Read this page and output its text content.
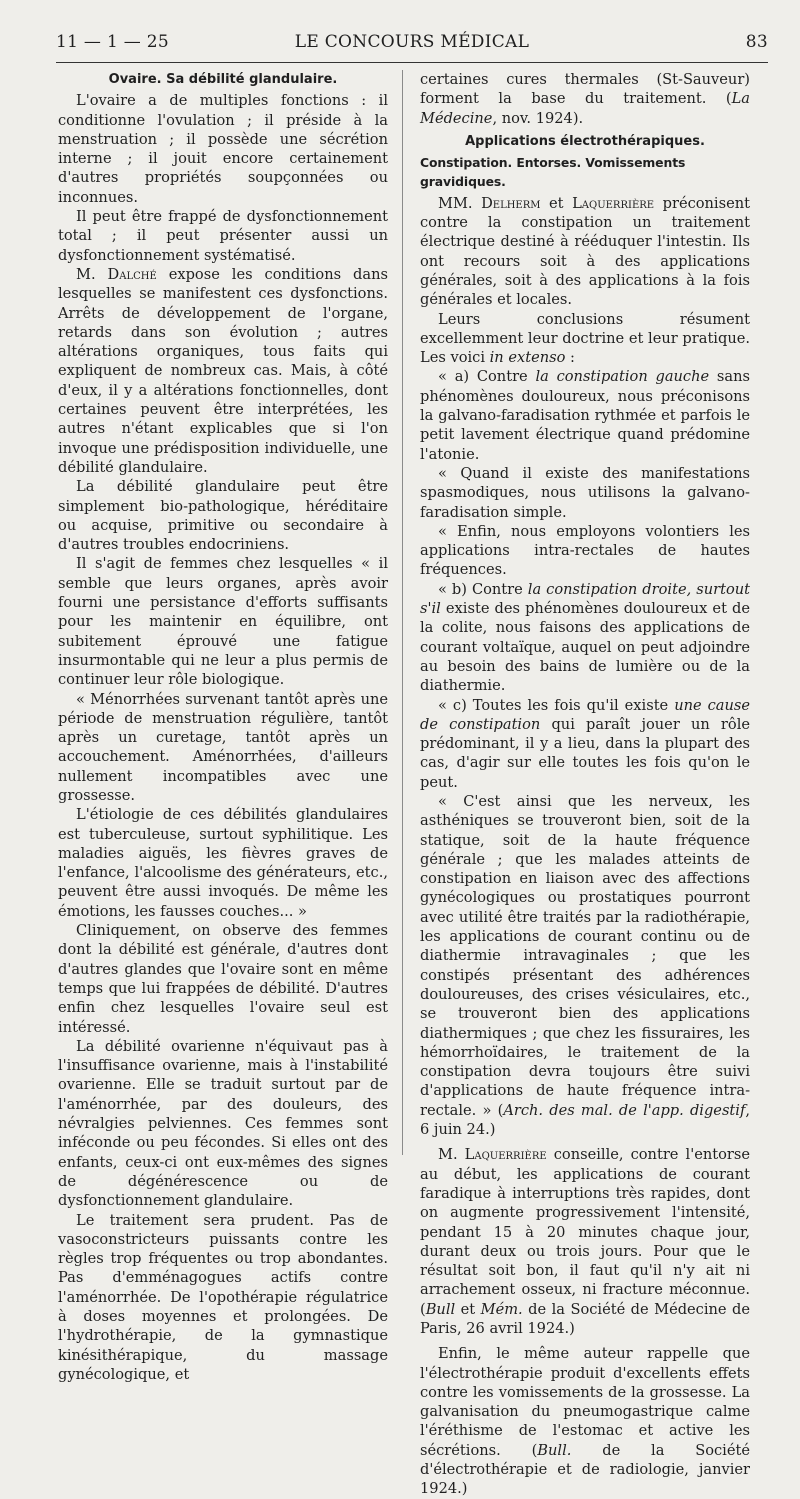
11 — 1 — 25	LE CONCOURS MÉDICAL	83
Ovaire. Sa débilité glandulaire.

L'ovaire a de multiples fonctions : il conditionne l'ovulation ; il préside à la menstruation ; il possède une sécrétion interne ; il jouit encore certainement d'autres propriétés soupçonnées ou inconnues.

Il peut être frappé de dysfonctionnement total ; il peut présenter aussi un dysfonctionnement systématisé.

M. Dalché expose les conditions dans lesquelles se manifestent ces dysfonctions. Arrêts de développement de l'organe, retards dans son évolution ; autres altérations organiques, tous faits qui expliquent de nombreux cas. Mais, à côté d'eux, il y a altérations fonctionnelles, dont certaines peuvent être interprétées, les autres n'étant explicables que si l'on invoque une prédisposition individuelle, une débilité glandulaire.

La débilité glandulaire peut être simplement bio-pathologique, héréditaire ou acquise, primitive ou secondaire à d'autres troubles endocriniens.

Il s'agit de femmes chez lesquelles « il semble que leurs organes, après avoir fourni une persistance d'efforts suffisants pour les maintenir en équilibre, ont subitement éprouvé une fatigue insurmontable qui ne leur a plus permis de continuer leur rôle biologique.

« Ménorrhées survenant tantôt après une période de menstruation régulière, tantôt après un curetage, tantôt après un accouchement. Aménorrhées, d'ailleurs nullement incompatibles avec une grossesse.

L'étiologie de ces débilités glandulaires est tuberculeuse, surtout syphilitique. Les maladies aiguës, les fièvres graves de l'enfance, l'alcoolisme des générateurs, etc., peuvent être aussi invoqués. De même les émotions, les fausses couches... »

Cliniquement, on observe des femmes dont la débilité est générale, d'autres dont d'autres glandes que l'ovaire sont en même temps que lui frappées de débilité. D'autres enfin chez lesquelles l'ovaire seul est intéressé.

La débilité ovarienne n'équivaut pas à l'insuffisance ovarienne, mais à l'instabilité ovarienne. Elle se traduit surtout par de l'aménorrhée, par des douleurs, des névralgies pelviennes. Ces femmes sont inféconde ou peu fécondes. Si elles ont des enfants, ceux-ci ont eux-mêmes des signes de dégénérescence ou de dysfonctionnement glandulaire.

Le traitement sera prudent. Pas de vasoconstricteurs puissants contre les règles trop fréquentes ou trop abondantes. Pas d'emménagogues actifs contre l'aménorrhée. De l'opothérapie régulatrice à doses moyennes et prolongées. De l'hydrothérapie, de la gymnastique kinésithérapique, du massage gynécologique, et

certaines cures thermales (St-Sauveur) forment la base du traitement. (La Médecine, nov. 1924).

Applications électrothérapiques.
Constipation. Entorses. Vomissements gravidiques.

MM. Delherm et Laquerrière préconisent contre la constipation un traitement électrique destiné à rééduquer l'intestin. Ils ont recours soit à des applications générales, soit à des applications à la fois générales et locales.

Leurs conclusions résument excellemment leur doctrine et leur pratique. Les voici in extenso :

« a) Contre la constipation gauche sans phénomènes douloureux, nous préconisons la galvano-faradisation rythmée et parfois le petit lavement électrique quand prédomine l'atonie.

« Quand il existe des manifestations spasmodiques, nous utilisons la galvano-faradisation simple.

« Enfin, nous employons volontiers les applications intra-rectales de hautes fréquences.

« b) Contre la constipation droite, surtout s'il existe des phénomènes douloureux et de la colite, nous faisons des applications de courant voltaïque, auquel on peut adjoindre au besoin des bains de lumière ou de la diathermie.

« c) Toutes les fois qu'il existe une cause de constipation qui paraît jouer un rôle prédominant, il y a lieu, dans la plupart des cas, d'agir sur elle toutes les fois qu'on le peut.

« C'est ainsi que les nerveux, les asthéniques se trouveront bien, soit de la statique, soit de la haute fréquence générale ; que les malades atteints de constipation en liaison avec des affections gynécologiques ou prostatiques pourront avec utilité être traités par la radiothérapie, les applications de courant continu ou de diathermie intravaginales ; que les constipés présentant des adhérences douloureuses, des crises vésiculaires, etc., se trouveront bien des applications diathermiques ; que chez les fissuraires, les hémorrhoïdaires, le traitement de la constipation devra toujours être suivi d'applications de haute fréquence intra-rectale. » (Arch. des mal. de l'app. digestif, 6 juin 24.)

M. Laquerrière conseille, contre l'entorse au début, les applications de courant faradique à interruptions très rapides, dont on augmente progressivement l'intensité, pendant 15 à 20 minutes chaque jour, durant deux ou trois jours. Pour que le résultat soit bon, il faut qu'il n'y ait ni arrachement osseux, ni fracture méconnue. (Bull et Mém. de la Société de Médecine de Paris, 26 avril 1924.)

Enfin, le même auteur rappelle que l'électrothérapie produit d'excellents effets contre les vomissements de la grossesse. La galvanisation du pneumogastrique calme l'éréthisme de l'estomac et active les sécrétions. (Bull. de la Société d'électrothérapie et de radiologie, janvier 1924.)
